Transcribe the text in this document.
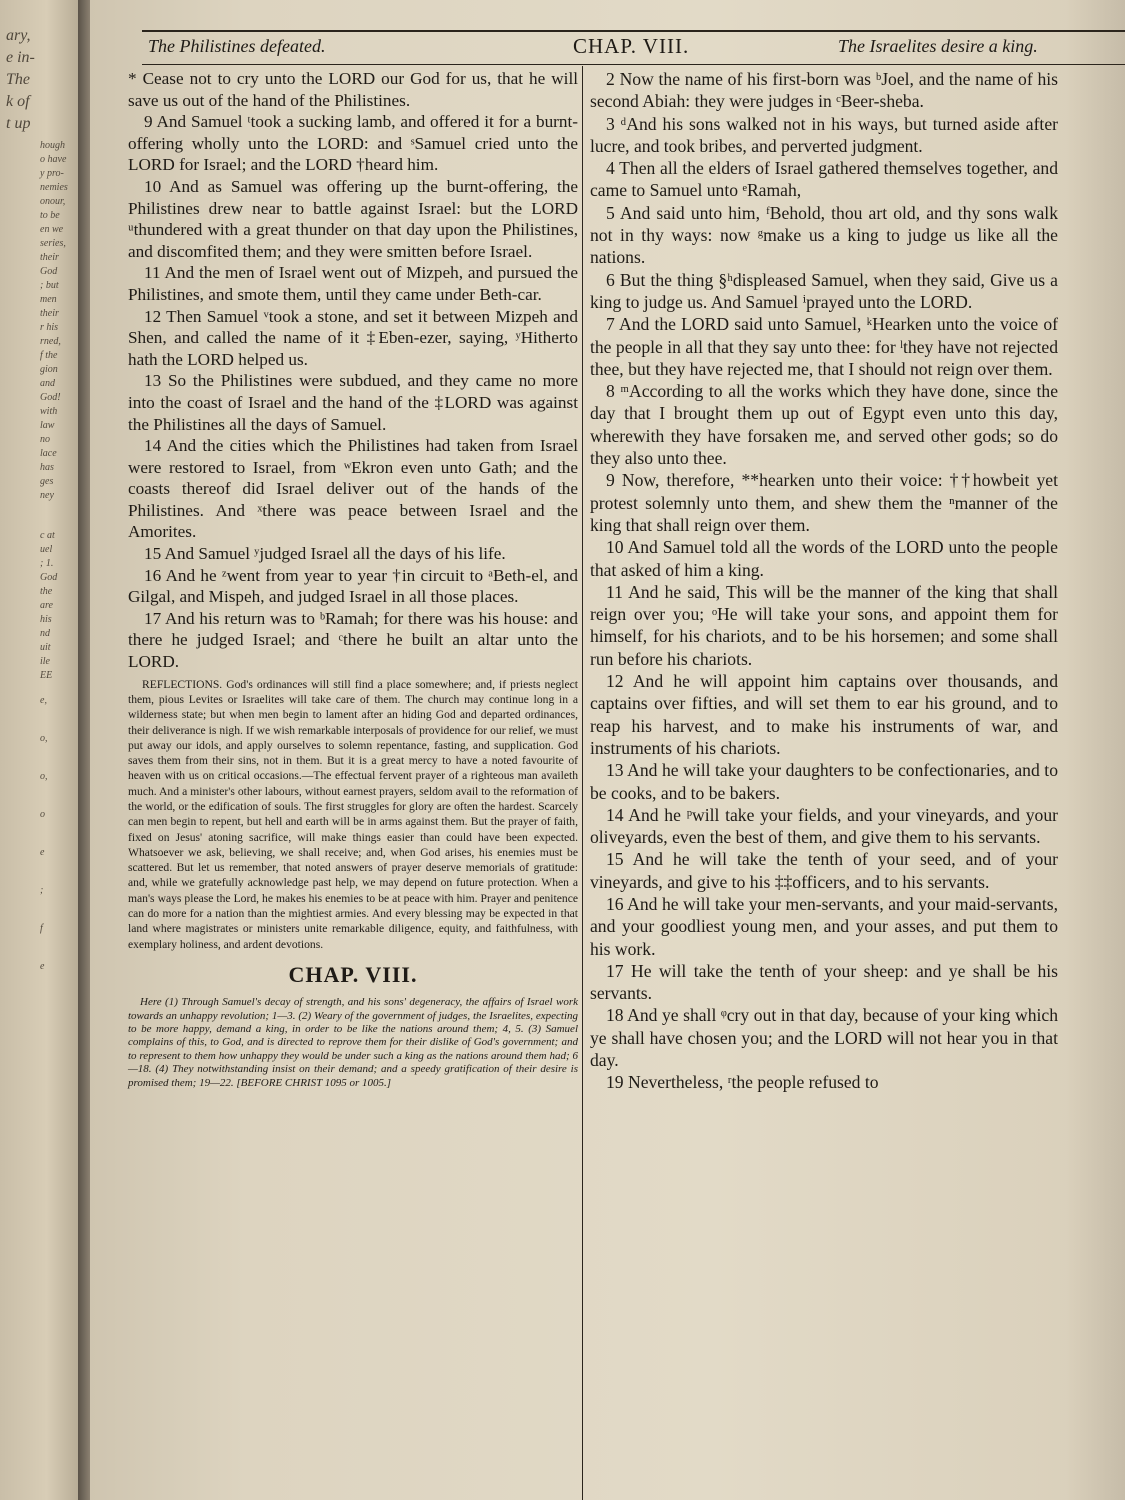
ary,
e in-
The
k of
t up
hough
o have
y pro-
nemies
onour,
to be
en we
series,
their
God
; but
men
their
r his
rned,
f the
gion
and
God!
with
law
no
lace
has
ges
ney
c at
uel
; 1.
God
the
are
his
nd
uit
ile
EE
e,
o,
o,
o
e
;
f
e
The Philistines defeated.	CHAP. VIII.	The Israelites desire a king.

* Cease not to cry unto the LORD our God for us, that he will save us out of the hand of the Philistines.

9 And Samuel ᵗtook a sucking lamb, and offered it for a burnt-offering wholly unto the LORD: and ˢSamuel cried unto the LORD for Israel; and the LORD †heard him.

10 And as Samuel was offering up the burnt-offering, the Philistines drew near to battle against Israel: but the LORD ᵘthundered with a great thunder on that day upon the Philistines, and discomfited them; and they were smitten before Israel.

11 And the men of Israel went out of Mizpeh, and pursued the Philistines, and smote them, until they came under Beth-car.

12 Then Samuel ᵛtook a stone, and set it between Mizpeh and Shen, and called the name of it ‡Eben-ezer, saying, ʸHitherto hath the LORD helped us.

13 So the Philistines were subdued, and they came no more into the coast of Israel and the hand of the ‡LORD was against the Philistines all the days of Samuel.

14 And the cities which the Philistines had taken from Israel were restored to Israel, from ʷEkron even unto Gath; and the coasts thereof did Israel deliver out of the hands of the Philistines. And ˣthere was peace between Israel and the Amorites.

15 And Samuel ʸjudged Israel all the days of his life.

16 And he ᶻwent from year to year †in circuit to ᵃBeth-el, and Gilgal, and Mispeh, and judged Israel in all those places.

17 And his return was to ᵇRamah; for there was his house: and there he judged Israel; and ᶜthere he built an altar unto the LORD.

REFLECTIONS. God's ordinances will still find a place somewhere; and, if priests neglect them, pious Levites or Israelites will take care of them. The church may continue long in a wilderness state; but when men begin to lament after an hiding God and departed ordinances, their deliverance is nigh. If we wish remarkable interposals of providence for our relief, we must put away our idols, and apply ourselves to solemn repentance, fasting, and supplication. God saves them from their sins, not in them. But it is a great mercy to have a noted favourite of heaven with us on critical occasions.—The effectual fervent prayer of a righteous man availeth much. And a minister's other labours, without earnest prayers, seldom avail to the reformation of the world, or the edification of souls. The first struggles for glory are often the hardest. Scarcely can men begin to repent, but hell and earth will be in arms against them. But the prayer of faith, fixed on Jesus' atoning sacrifice, will make things easier than could have been expected. Whatsoever we ask, believing, we shall receive; and, when God arises, his enemies must be scattered. But let us remember, that noted answers of prayer deserve memorials of gratitude: and, while we gratefully acknowledge past help, we may depend on future protection. When a man's ways please the Lord, he makes his enemies to be at peace with him. Prayer and penitence can do more for a nation than the mightiest armies. And every blessing may be expected in that land where magistrates or ministers unite remarkable diligence, equity, and faithfulness, with exemplary holiness, and ardent devotions.

CHAP. VIII.

Here (1) Through Samuel's decay of strength, and his sons' degeneracy, the affairs of Israel work towards an unhappy revolution; 1—3. (2) Weary of the government of judges, the Israelites, expecting to be more happy, demand a king, in order to be like the nations around them; 4, 5. (3) Samuel complains of this, to God, and is directed to reprove them for their dislike of God's government; and to represent to them how unhappy they would be under such a king as the nations around them had; 6—18. (4) They notwithstanding insist on their demand; and a speedy gratification of their desire is promised them; 19—22. [BEFORE CHRIST 1095 or 1005.]

2 Now the name of his first-born was ᵇJoel, and the name of his second Abiah: they were judges in ᶜBeer-sheba.

3 ᵈAnd his sons walked not in his ways, but turned aside after lucre, and took bribes, and perverted judgment.

4 Then all the elders of Israel gathered themselves together, and came to Samuel unto ᵉRamah,

5 And said unto him, ᶠBehold, thou art old, and thy sons walk not in thy ways: now ᵍmake us a king to judge us like all the nations.

6 But the thing §ʰdispleased Samuel, when they said, Give us a king to judge us. And Samuel ⁱprayed unto the LORD.

7 And the LORD said unto Samuel, ᵏHearken unto the voice of the people in all that they say unto thee: for ˡthey have not rejected thee, but they have rejected me, that I should not reign over them.

8 ᵐAccording to all the works which they have done, since the day that I brought them up out of Egypt even unto this day, wherewith they have forsaken me, and served other gods; so do they also unto thee.

9 Now, therefore, **hearken unto their voice: ††howbeit yet protest solemnly unto them, and shew them the ⁿmanner of the king that shall reign over them.

10 And Samuel told all the words of the LORD unto the people that asked of him a king.

11 And he said, This will be the manner of the king that shall reign over you; ᵒHe will take your sons, and appoint them for himself, for his chariots, and to be his horsemen; and some shall run before his chariots.

12 And he will appoint him captains over thousands, and captains over fifties, and will set them to ear his ground, and to reap his harvest, and to make his instruments of war, and instruments of his chariots.

13 And he will take your daughters to be confectionaries, and to be cooks, and to be bakers.

14 And he ᵖwill take your fields, and your vineyards, and your oliveyards, even the best of them, and give them to his servants.

15 And he will take the tenth of your seed, and of your vineyards, and give to his ‡‡officers, and to his servants.

16 And he will take your men-servants, and your maid-servants, and your goodliest young men, and your asses, and put them to his work.

17 He will take the tenth of your sheep: and ye shall be his servants.

18 And ye shall ᵠcry out in that day, because of your king which ye shall have chosen you; and the LORD will not hear you in that day.

19 Nevertheless, ʳthe people refused to
